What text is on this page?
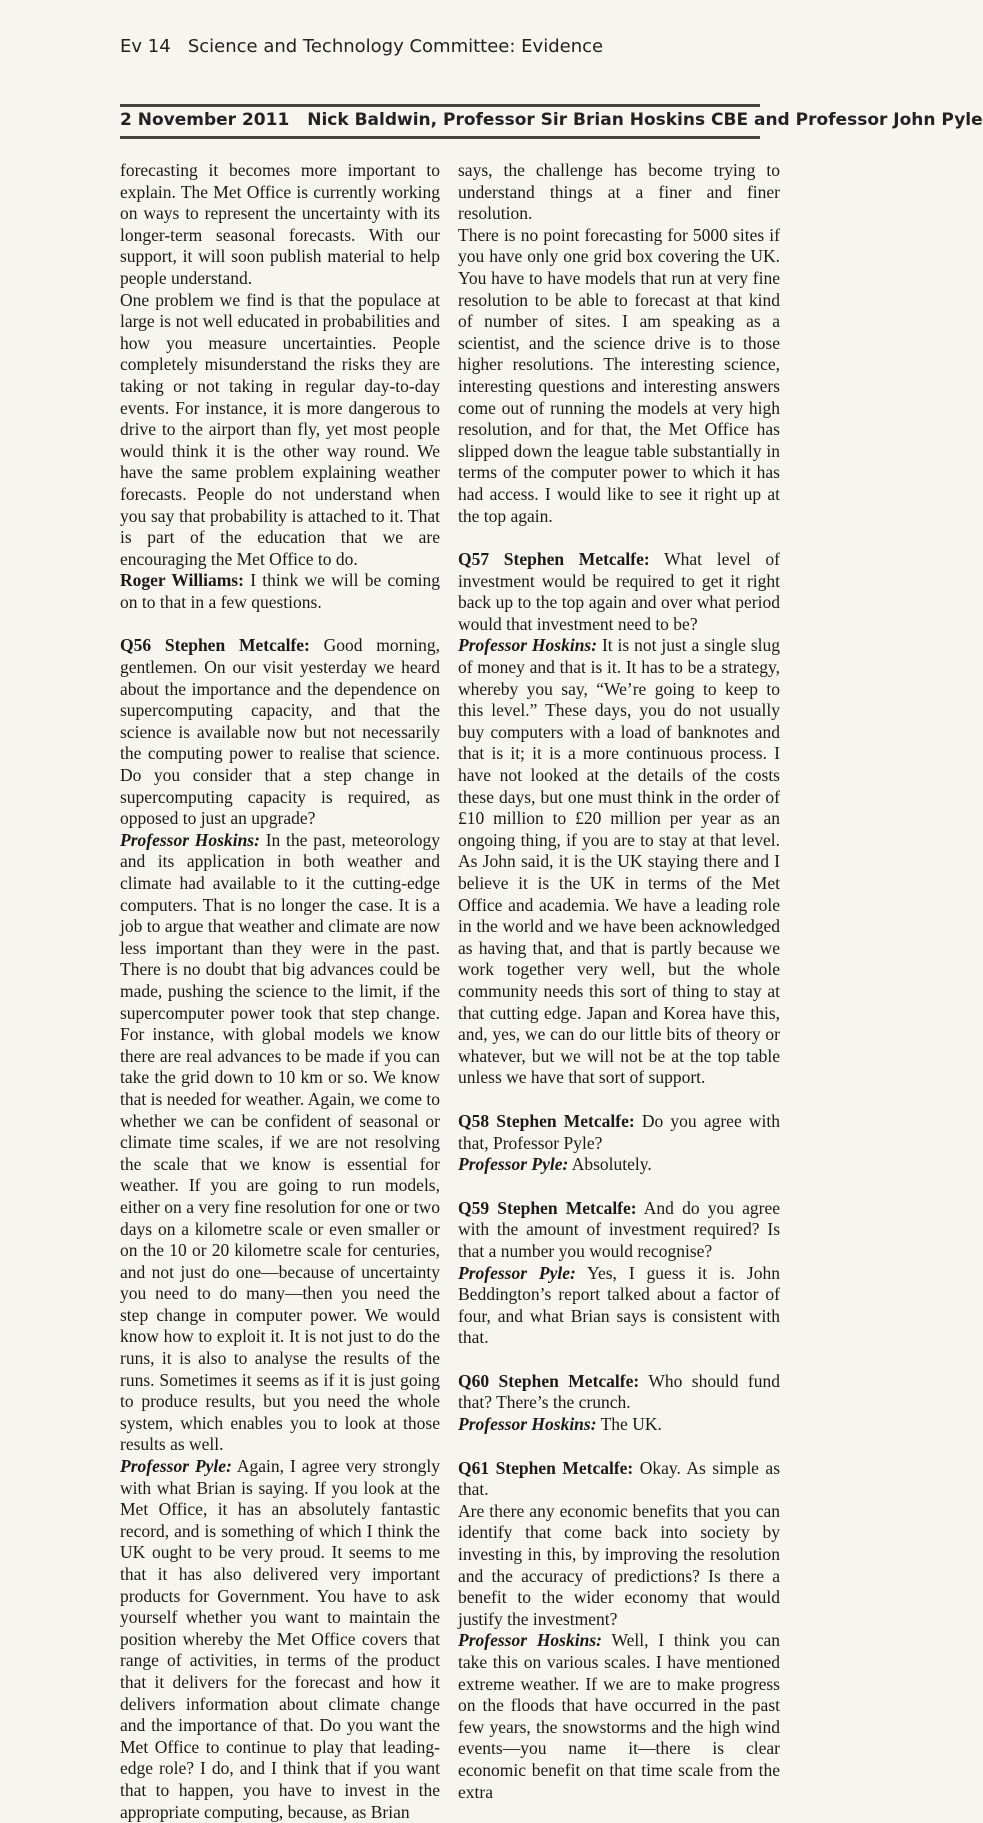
Ev 14 Science and Technology Committee: Evidence
2 November 2011 Nick Baldwin, Professor Sir Brian Hoskins CBE and Professor John Pyle

forecasting it becomes more important to explain. The Met Office is currently working on ways to represent the uncertainty with its longer-term seasonal forecasts. With our support, it will soon publish material to help people understand.

One problem we find is that the populace at large is not well educated in probabilities and how you measure uncertainties. People completely misunderstand the risks they are taking or not taking in regular day-to-day events. For instance, it is more dangerous to drive to the airport than fly, yet most people would think it is the other way round. We have the same problem explaining weather forecasts. People do not understand when you say that probability is attached to it. That is part of the education that we are encouraging the Met Office to do.

Roger Williams: I think we will be coming on to that in a few questions.

Q56 Stephen Metcalfe: Good morning, gentlemen. On our visit yesterday we heard about the importance and the dependence on supercomputing capacity, and that the science is available now but not necessarily the computing power to realise that science. Do you consider that a step change in supercomputing capacity is required, as opposed to just an upgrade?

Professor Hoskins: In the past, meteorology and its application in both weather and climate had available to it the cutting-edge computers. That is no longer the case. It is a job to argue that weather and climate are now less important than they were in the past. There is no doubt that big advances could be made, pushing the science to the limit, if the supercomputer power took that step change. For instance, with global models we know there are real advances to be made if you can take the grid down to 10 km or so. We know that is needed for weather. Again, we come to whether we can be confident of seasonal or climate time scales, if we are not resolving the scale that we know is essential for weather. If you are going to run models, either on a very fine resolution for one or two days on a kilometre scale or even smaller or on the 10 or 20 kilometre scale for centuries, and not just do one—because of uncertainty you need to do many—then you need the step change in computer power. We would know how to exploit it. It is not just to do the runs, it is also to analyse the results of the runs. Sometimes it seems as if it is just going to produce results, but you need the whole system, which enables you to look at those results as well.

Professor Pyle: Again, I agree very strongly with what Brian is saying. If you look at the Met Office, it has an absolutely fantastic record, and is something of which I think the UK ought to be very proud. It seems to me that it has also delivered very important products for Government. You have to ask yourself whether you want to maintain the position whereby the Met Office covers that range of activities, in terms of the product that it delivers for the forecast and how it delivers information about climate change and the importance of that. Do you want the Met Office to continue to play that leading-edge role? I do, and I think that if you want that to happen, you have to invest in the appropriate computing, because, as Brian

says, the challenge has become trying to understand things at a finer and finer resolution.

There is no point forecasting for 5000 sites if you have only one grid box covering the UK. You have to have models that run at very fine resolution to be able to forecast at that kind of number of sites. I am speaking as a scientist, and the science drive is to those higher resolutions. The interesting science, interesting questions and interesting answers come out of running the models at very high resolution, and for that, the Met Office has slipped down the league table substantially in terms of the computer power to which it has had access. I would like to see it right up at the top again.

Q57 Stephen Metcalfe: What level of investment would be required to get it right back up to the top again and over what period would that investment need to be?

Professor Hoskins: It is not just a single slug of money and that is it. It has to be a strategy, whereby you say, “We’re going to keep to this level.” These days, you do not usually buy computers with a load of banknotes and that is it; it is a more continuous process. I have not looked at the details of the costs these days, but one must think in the order of £10 million to £20 million per year as an ongoing thing, if you are to stay at that level. As John said, it is the UK staying there and I believe it is the UK in terms of the Met Office and academia. We have a leading role in the world and we have been acknowledged as having that, and that is partly because we work together very well, but the whole community needs this sort of thing to stay at that cutting edge. Japan and Korea have this, and, yes, we can do our little bits of theory or whatever, but we will not be at the top table unless we have that sort of support.

Q58 Stephen Metcalfe: Do you agree with that, Professor Pyle?

Professor Pyle: Absolutely.

Q59 Stephen Metcalfe: And do you agree with the amount of investment required? Is that a number you would recognise?

Professor Pyle: Yes, I guess it is. John Beddington’s report talked about a factor of four, and what Brian says is consistent with that.

Q60 Stephen Metcalfe: Who should fund that? There’s the crunch.

Professor Hoskins: The UK.

Q61 Stephen Metcalfe: Okay. As simple as that.

Are there any economic benefits that you can identify that come back into society by investing in this, by improving the resolution and the accuracy of predictions? Is there a benefit to the wider economy that would justify the investment?

Professor Hoskins: Well, I think you can take this on various scales. I have mentioned extreme weather. If we are to make progress on the floods that have occurred in the past few years, the snowstorms and the high wind events—you name it—there is clear economic benefit on that time scale from the extra
